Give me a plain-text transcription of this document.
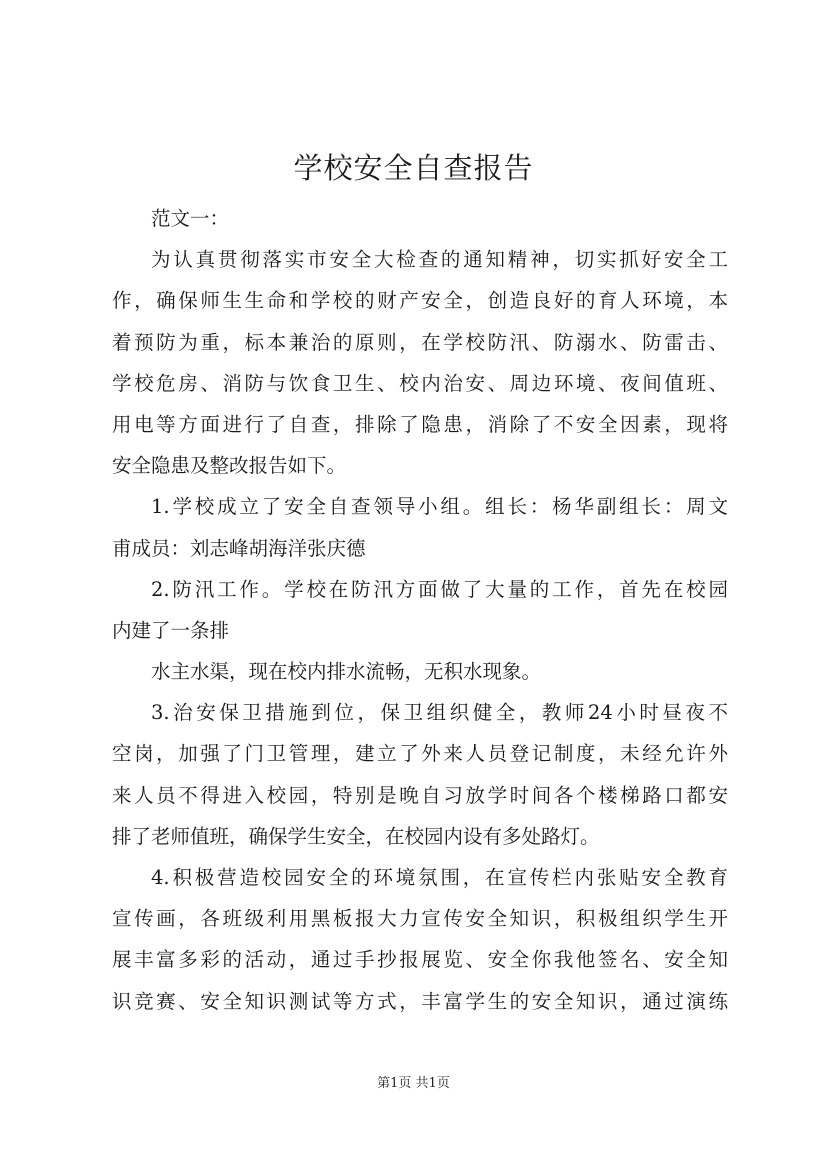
学校安全自查报告
范文一：
为认真贯彻落实市安全大检查的通知精神，切实抓好安全工
作，确保师生生命和学校的财产安全，创造良好的育人环境，本
着预防为重，标本兼治的原则，在学校防汛、防溺水、防雷击、
学校危房、消防与饮食卫生、校内治安、周边环境、夜间值班、
用电等方面进行了自查，排除了隐患，消除了不安全因素，现将
安全隐患及整改报告如下。
1.学校成立了安全自查领导小组。组长：杨华副组长：周文
甫成员：刘志峰胡海洋张庆德
2.防汛工作。学校在防汛方面做了大量的工作，首先在校园
内建了一条排
水主水渠，现在校内排水流畅，无积水现象。
3.治安保卫措施到位，保卫组织健全，教师24小时昼夜不
空岗，加强了门卫管理，建立了外来人员登记制度，未经允许外
来人员不得进入校园，特别是晚自习放学时间各个楼梯路口都安
排了老师值班，确保学生安全，在校园内设有多处路灯。
4.积极营造校园安全的环境氛围，在宣传栏内张贴安全教育
宣传画，各班级利用黑板报大力宣传安全知识，积极组织学生开
展丰富多彩的活动，通过手抄报展览、安全你我他签名、安全知
识竞赛、安全知识测试等方式，丰富学生的安全知识，通过演练
第1页 共1页
